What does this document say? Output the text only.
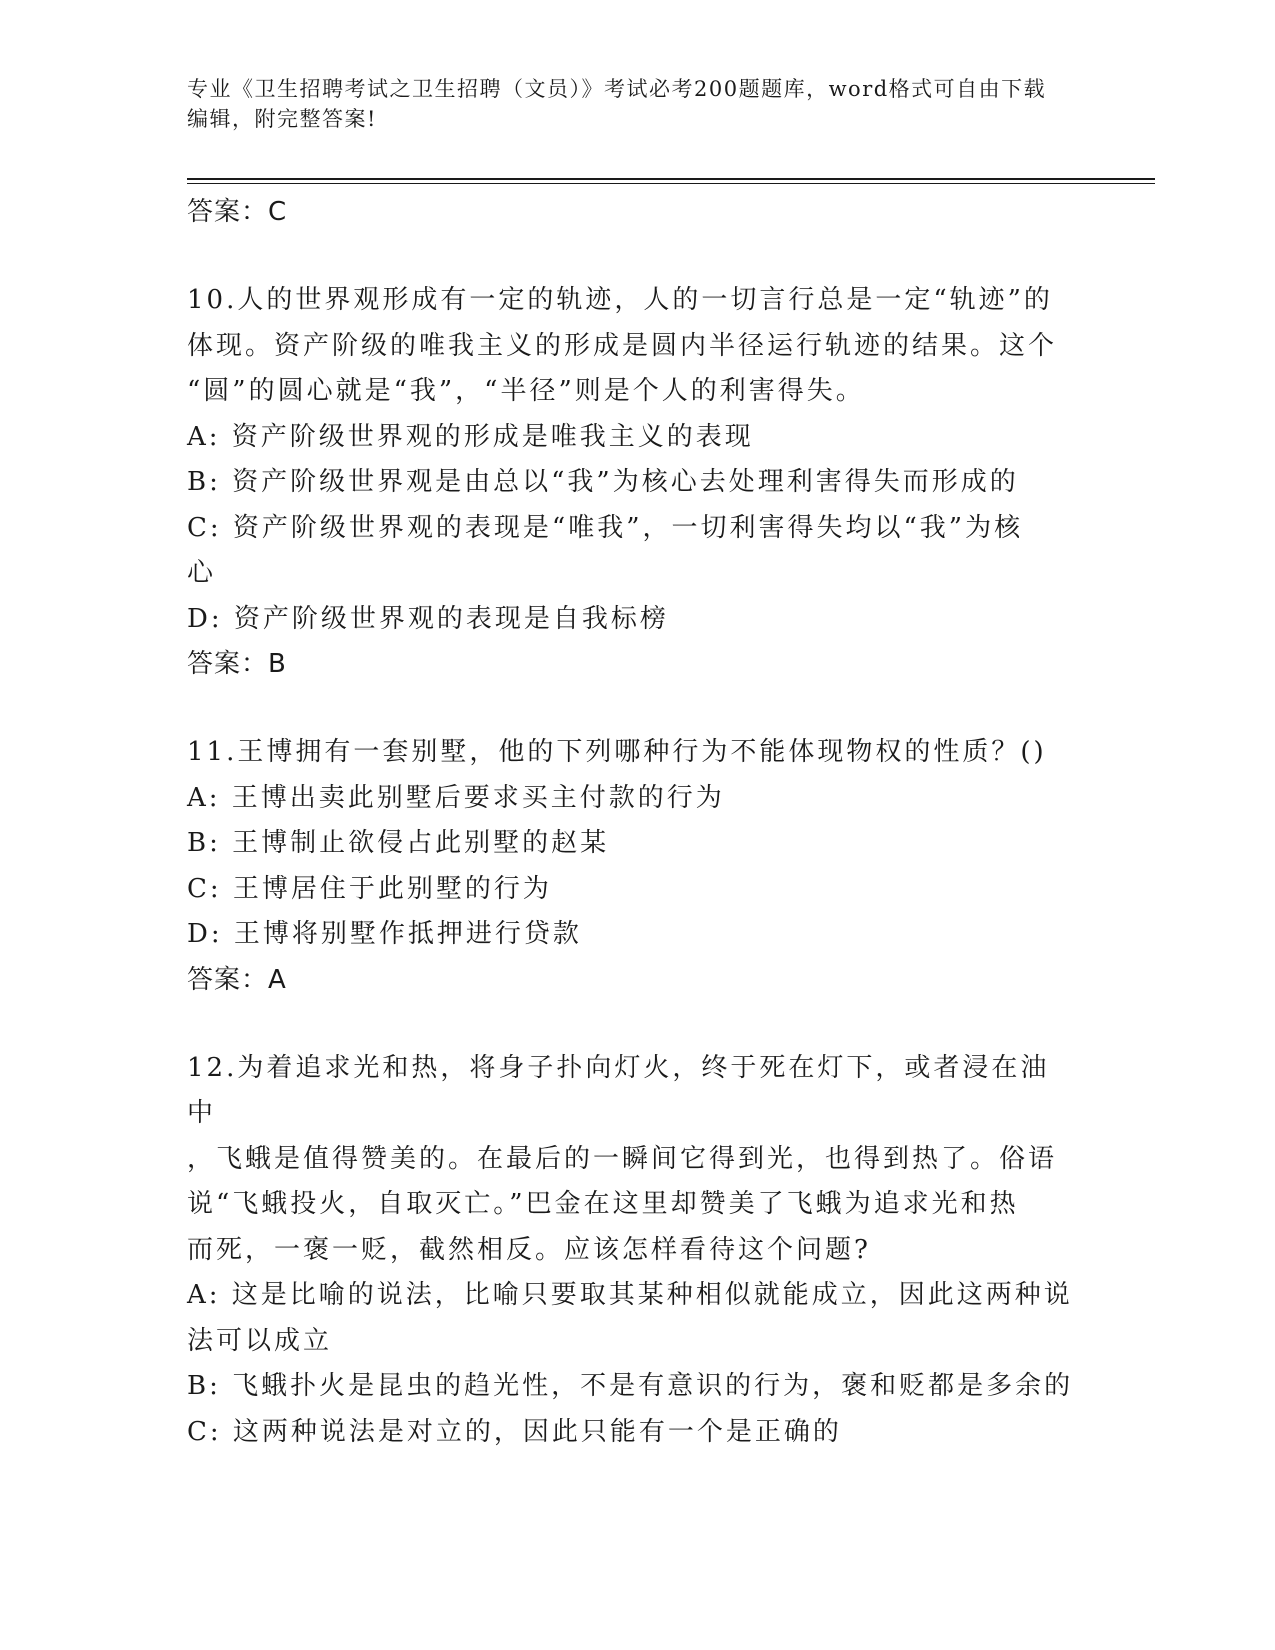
专业《卫生招聘考试之卫生招聘（文员）》考试必考200题题库，word格式可自由下载编辑，附完整答案!
答案：C
10.人的世界观形成有一定的轨迹，人的一切言行总是一定“轨迹”的
体现。资产阶级的唯我主义的形成是圆内半径运行轨迹的结果。这个
“圆”的圆心就是“我”，“半径”则是个人的利害得失。
A: 资产阶级世界观的形成是唯我主义的表现
B: 资产阶级世界观是由总以“我”为核心去处理利害得失而形成的
C: 资产阶级世界观的表现是“唯我”，一切利害得失均以“我”为核
心
D: 资产阶级世界观的表现是自我标榜
答案：B
11.王博拥有一套别墅，他的下列哪种行为不能体现物权的性质？()
A: 王博出卖此别墅后要求买主付款的行为
B: 王博制止欲侵占此别墅的赵某
C: 王博居住于此别墅的行为
D: 王博将别墅作抵押进行贷款
答案：A
12.为着追求光和热，将身子扑向灯火，终于死在灯下，或者浸在油中
，飞蛾是值得赞美的。在最后的一瞬间它得到光，也得到热了。俗语
说“飞蛾投火，自取灭亡。”巴金在这里却赞美了飞蛾为追求光和热
而死，一褒一贬，截然相反。应该怎样看待这个问题?
A: 这是比喻的说法，比喻只要取其某种相似就能成立，因此这两种说
法可以成立
B: 飞蛾扑火是昆虫的趋光性，不是有意识的行为，褒和贬都是多余的
C: 这两种说法是对立的，因此只能有一个是正确的
